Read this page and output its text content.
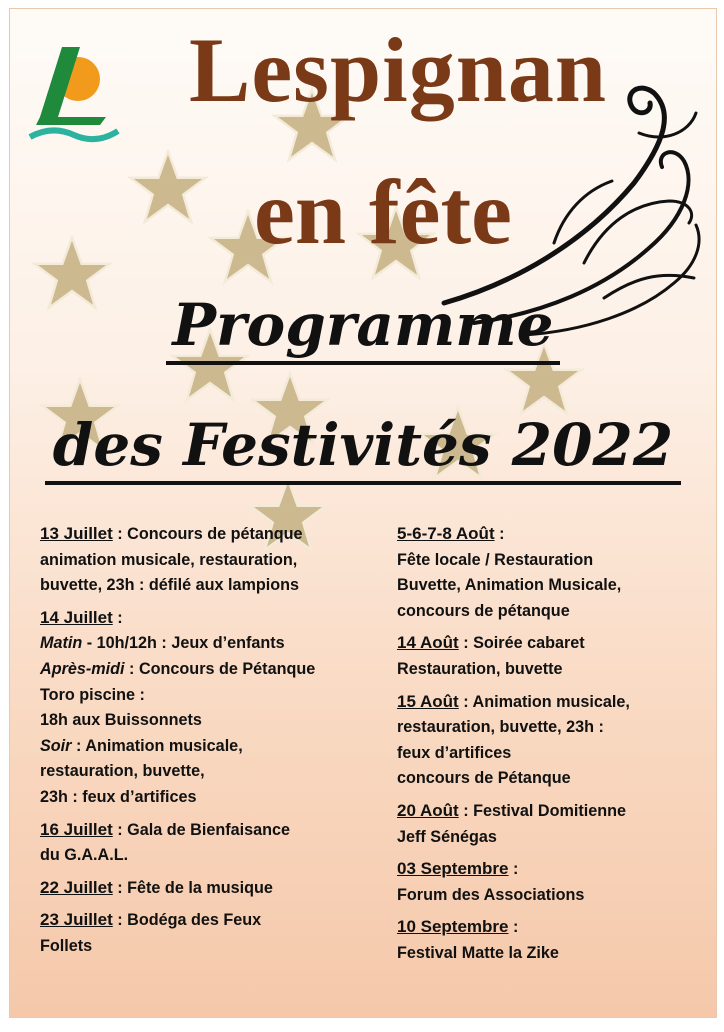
Lespignan
en fête
Programme
des Festivités 2022
13 Juillet : Concours de pétanque
animation musicale, restauration,
buvette, 23h : défilé aux lampions
14 Juillet :
Matin - 10h/12h : Jeux d’enfants
Après-midi : Concours de Pétanque
Toro piscine :
18h aux Buissonnets
Soir : Animation musicale,
restauration, buvette,
23h : feux d’artifices
16 Juillet : Gala de Bienfaisance
du G.A.A.L.
22 Juillet : Fête de la musique
23 Juillet : Bodéga des Feux
Follets
5-6-7-8 Août :
Fête locale / Restauration
Buvette, Animation Musicale,
concours de pétanque
14 Août : Soirée cabaret
Restauration, buvette
15 Août : Animation musicale,
restauration, buvette, 23h :
feux d’artifices
concours de Pétanque
20 Août : Festival Domitienne
Jeff Sénégas
03 Septembre :
Forum des Associations
10 Septembre :
Festival Matte la Zike
